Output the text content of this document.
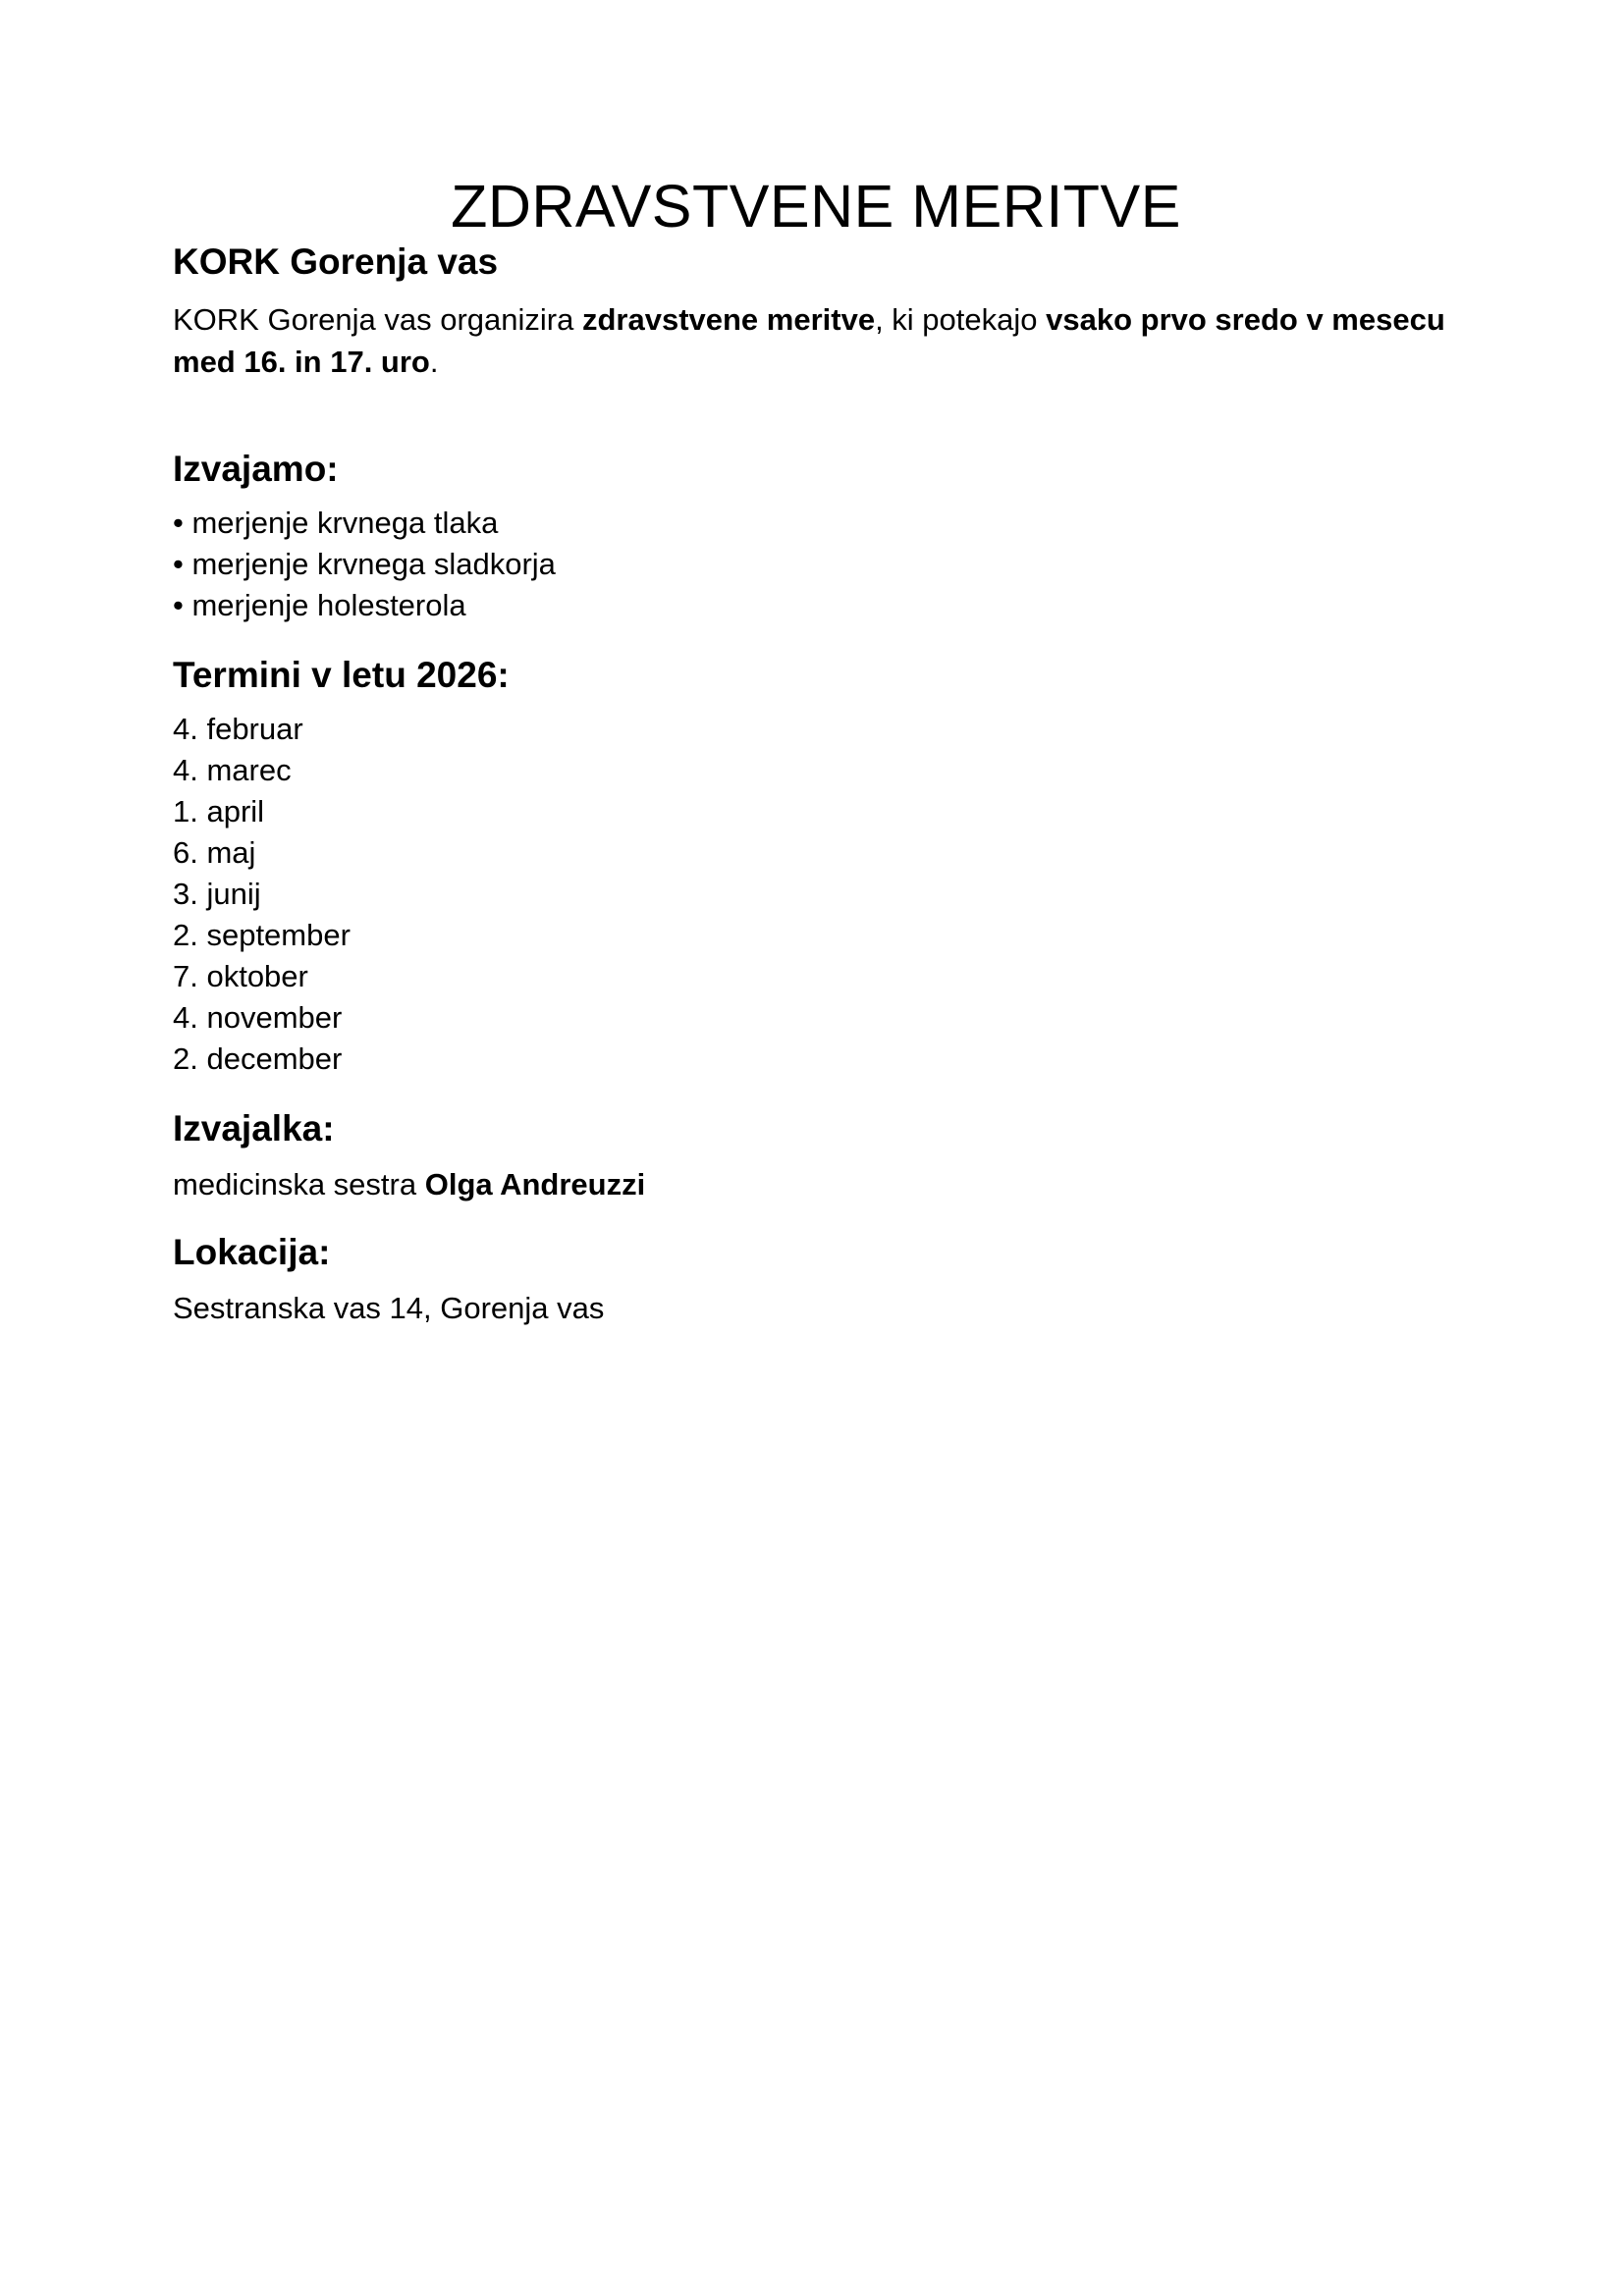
ZDRAVSTVENE MERITVE
KORK Gorenja vas

KORK Gorenja vas organizira zdravstvene meritve, ki potekajo vsako prvo sredo v mesecu med 16. in 17. uro.

Izvajamo:
• merjenje krvnega tlaka
• merjenje krvnega sladkorja
• merjenje holesterola
Termini v letu 2026:
4. februar
4. marec
1. april
6. maj
3. junij
2. september
7. oktober
4. november
2. december
Izvajalka:

medicinska sestra Olga Andreuzzi

Lokacija:

Sestranska vas 14, Gorenja vas
